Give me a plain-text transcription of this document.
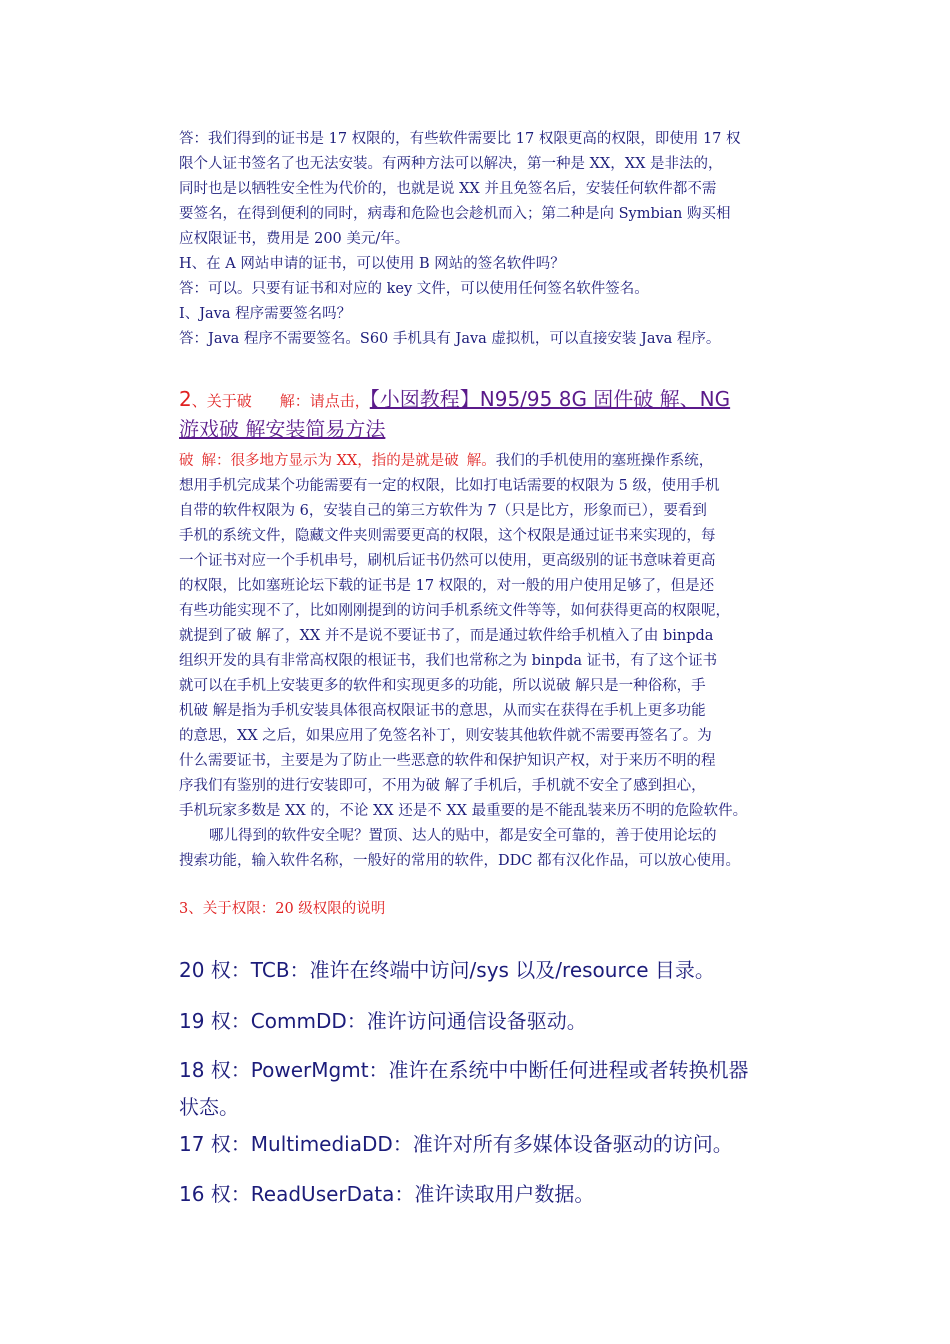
答：我们得到的证书是 17 权限的，有些软件需要比 17 权限更高的权限，即使用 17 权

限个人证书签名了也无法安装。有两种方法可以解决，第一种是 XX，XX 是非法的，

同时也是以牺牲安全性为代价的，也就是说 XX 并且免签名后，安装任何软件都不需

要签名，在得到便利的同时，病毒和危险也会趁机而入；第二种是向 Symbian 购买相

应权限证书，费用是 200 美元/年。

H、在 A 网站申请的证书，可以使用 B 网站的签名软件吗？

答：可以。只要有证书和对应的 key 文件，可以使用任何签名软件签名。

I、Java 程序需要签名吗？

答：Java 程序不需要签名。S60 手机具有 Java 虚拟机，可以直接安装 Java 程序。

2、关于破 解：请点击，【小囡教程】N95/95 8G 固件破 解、NG
游戏破 解安装简易方法

破 解：很多地方显示为 XX，指的是就是破 解。我们的手机使用的塞班操作系统，

想用手机完成某个功能需要有一定的权限，比如打电话需要的权限为 5 级，使用手机

自带的软件权限为 6，安装自己的第三方软件为 7（只是比方，形象而已），要看到

手机的系统文件，隐藏文件夹则需要更高的权限，这个权限是通过证书来实现的，每

一个证书对应一个手机串号，刷机后证书仍然可以使用，更高级别的证书意味着更高

的权限，比如塞班论坛下载的证书是 17 权限的，对一般的用户使用足够了，但是还

有些功能实现不了，比如刚刚提到的访问手机系统文件等等，如何获得更高的权限呢，

就提到了破 解了，XX 并不是说不要证书了，而是通过软件给手机植入了由 binpda

组织开发的具有非常高权限的根证书，我们也常称之为 binpda 证书，有了这个证书

就可以在手机上安装更多的软件和实现更多的功能，所以说破 解只是一种俗称，手

机破 解是指为手机安装具体很高权限证书的意思，从而实在获得在手机上更多功能

的意思，XX 之后，如果应用了免签名补丁，则安装其他软件就不需要再签名了。为

什么需要证书，主要是为了防止一些恶意的软件和保护知识产权，对于来历不明的程

序我们有鉴别的进行安装即可，不用为破 解了手机后，手机就不安全了感到担心，

手机玩家多数是 XX 的，不论 XX 还是不 XX 最重要的是不能乱装来历不明的危险软件。

哪儿得到的软件安全呢？置顶、达人的贴中，都是安全可靠的，善于使用论坛的

搜索功能，输入软件名称，一般好的常用的软件，DDC 都有汉化作品，可以放心使用。

3、关于权限：20 级权限的说明
20 权：TCB：准许在终端中访问/sys 以及/resource 目录。
19 权：CommDD：准许访问通信设备驱动。
18 权：PowerMgmt：准许在系统中中断任何进程或者转换机器
状态。
17 权：MultimediaDD：准许对所有多媒体设备驱动的访问。
16 权：ReadUserData：准许读取用户数据。
